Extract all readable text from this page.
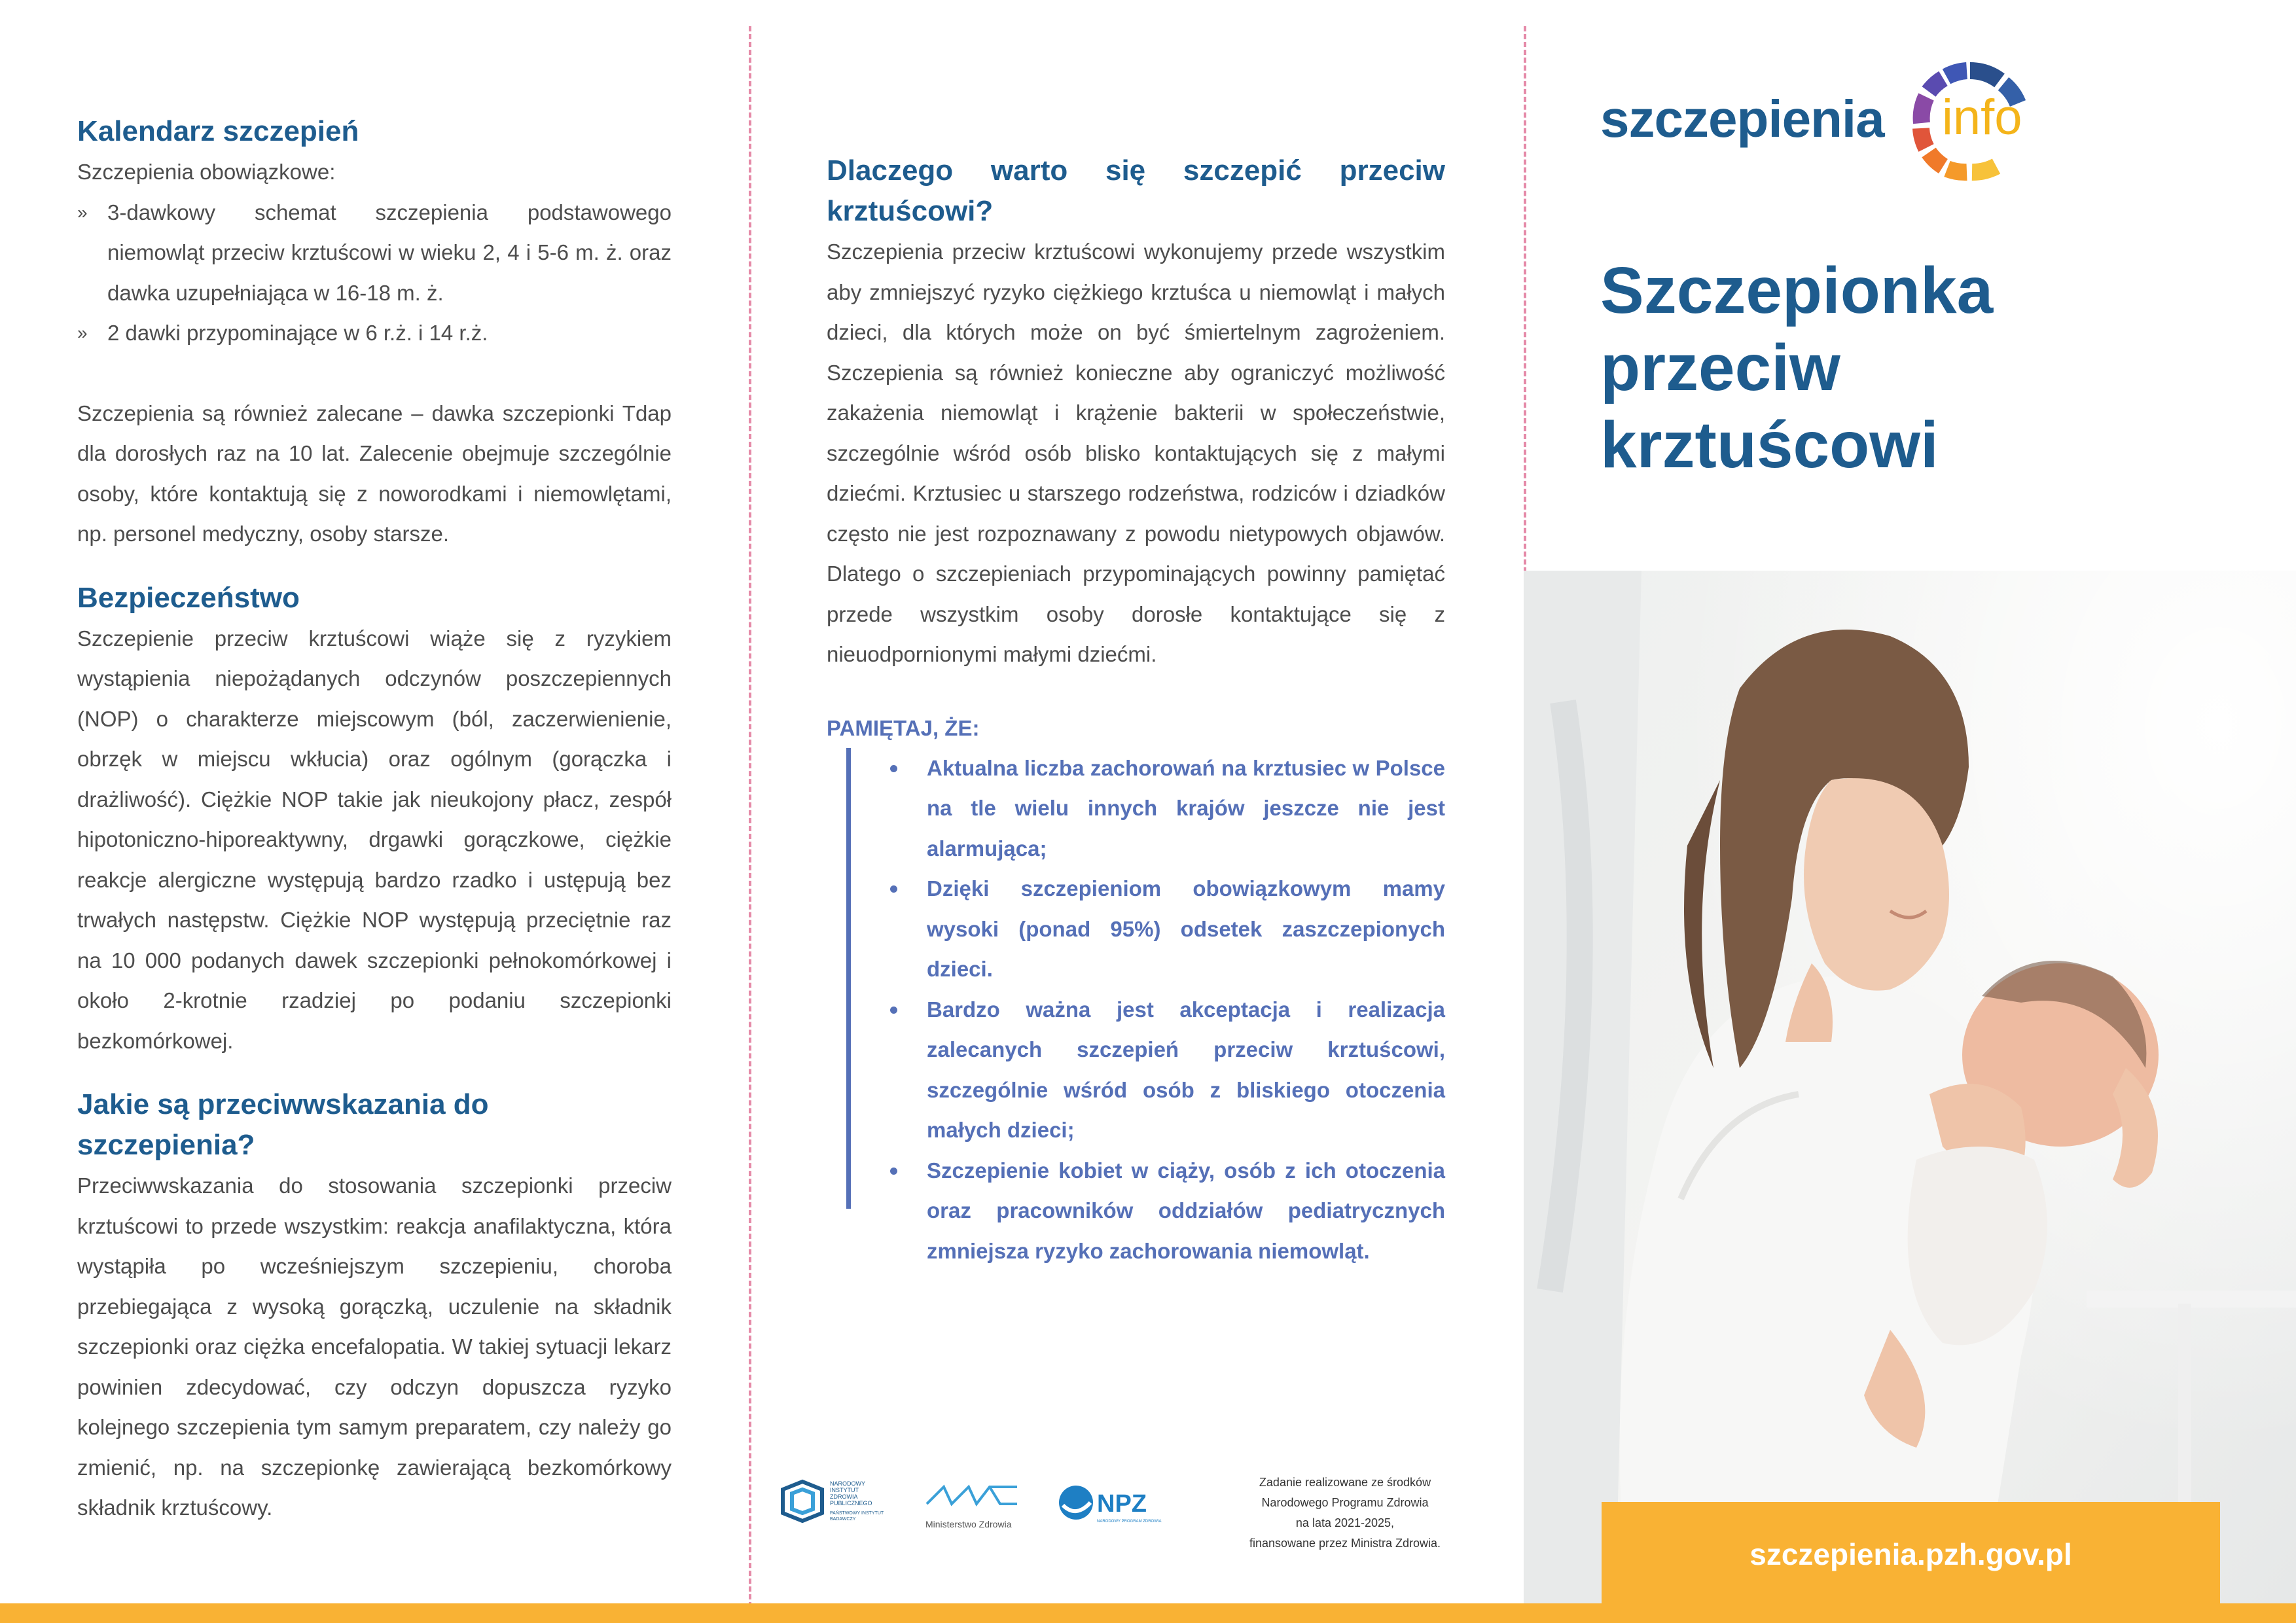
Kalendarz szczepień

Szczepienia obowiązkowe:

» 3-dawkowy schemat szczepienia podstawowego niemowląt przeciw krztuścowi w wieku 2, 4 i 5-6 m. ż. oraz dawka uzupełniająca w 16-18 m. ż.
» 2 dawki przypominające w 6 r.ż. i 14 r.ż.

Szczepienia są również zalecane – dawka szczepionki Tdap dla dorosłych raz na 10 lat. Zalecenie obejmuje szczególnie osoby, które kontaktują się z noworodkami i niemowlętami, np. personel medyczny, osoby starsze.

Bezpieczeństwo

Szczepienie przeciw krztuścowi wiąże się z ryzykiem wystąpienia niepożądanych odczynów poszczepiennych (NOP) o charakterze miejscowym (ból, zaczerwienienie, obrzęk w miejscu wkłucia) oraz ogólnym (gorączka i drażliwość). Ciężkie NOP takie jak nieukojony płacz, zespół hipotoniczno-hiporeaktywny, drgawki gorączkowe, ciężkie reakcje alergiczne występują bardzo rzadko i ustępują bez trwałych następstw. Ciężkie NOP występują przeciętnie raz na 10 000 podanych dawek szczepionki pełnokomórkowej i około 2-krotnie rzadziej po podaniu szczepionki bezkomórkowej.

Jakie są przeciwwskazania do szczepienia?

Przeciwwskazania do stosowania szczepionki przeciw krztuścowi to przede wszystkim: reakcja anafilaktyczna, która wystąpiła po wcześniejszym szczepieniu, choroba przebiegająca z wysoką gorączką, uczulenie na składnik szczepionki oraz ciężka encefalopatia. W takiej sytuacji lekarz powinien zdecydować, czy odczyn dopuszcza ryzyko kolejnego szczepienia tym samym preparatem, czy należy go zmienić, np. na szczepionkę zawierającą bezkomórkowy składnik krztuścowy.

Dlaczego warto się szczepić przeciw
krztuścowi?

Szczepienia przeciw krztuścowi wykonujemy przede wszystkim aby zmniejszyć ryzyko ciężkiego krztuśca u niemowląt i małych dzieci, dla których może on być śmiertelnym zagrożeniem. Szczepienia są również konieczne aby ograniczyć możliwość zakażenia niemowląt i krążenie bakterii w społeczeństwie, szczególnie wśród osób blisko kontaktujących się z małymi dziećmi. Krztusiec u starszego rodzeństwa, rodziców i dziadków często nie jest rozpoznawany z powodu nietypowych objawów. Dlatego o szczepieniach przypominających powinny pamiętać przede wszystkim osoby dorosłe kontaktujące się z nieuodpornionymi małymi dziećmi.

PAMIĘTAJ, ŻE:
Aktualna liczba zachorowań na krztusiec w Polsce na tle wielu innych krajów jeszcze nie jest alarmująca;
Dzięki szczepieniom obowiązkowym mamy wysoki (ponad 95%) odsetek zaszczepionych dzieci.
Bardzo ważna jest akceptacja i realizacja zalecanych szczepień przeciw krztuścowi, szczególnie wśród osób z bliskiego otoczenia małych dzieci;
Szczepienie kobiet w ciąży, osób z ich otoczenia oraz pracowników oddziałów pediatrycznych zmniejsza ryzyko zachorowania niemowląt.
NARODOWY
INSTYTUT
ZDROWIA
PUBLICZNEGO
PAŃSTWOWY INSTYTUT
BADAWCZY	Ministerstwo Zdrowia
NPZ
NARODOWY PROGRAM ZDROWIA
Zadanie realizowane ze środków
Narodowego Programu Zdrowia
na lata 2021-2025,
finansowane przez Ministra Zdrowia.
szczepienia info
Szczepionka
przeciw
krztuścowi
szczepienia.pzh.gov.pl
